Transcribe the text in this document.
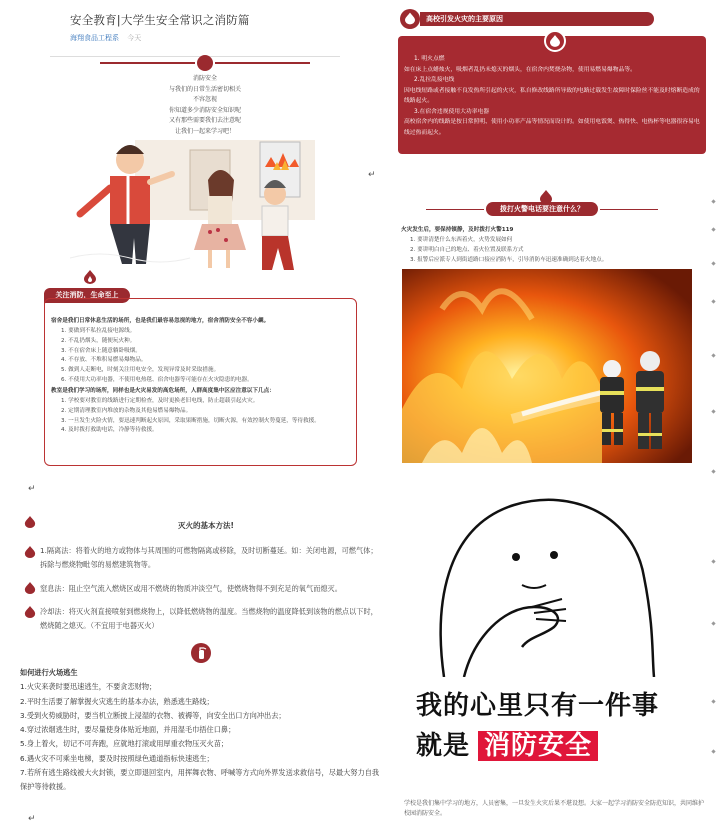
安全教育|大学生安全常识之消防篇
海翔食品工程系 今天
消防安全
与我们的日常生活密切相关
不容忽视
你知道多少消防安全知识呢
又有那些需要我们去注意呢
让我们一起来学习吧！
关注消防，生命至上
宿舍是我们日常休息生活的场所，也是我们最容易忽视的地方，宿舍消防安全不容小觑。
1. 要做到不私拉乱接电源线。
2. 不乱扔烟头，随便玩火种。
3. 不在宿舍床上随意躺卧吸烟。
4. 不存放、不堆积易燃易爆物品。
5. 做到人走断电，时刻关注用电安全，发现异常及时采取措施。
6. 不使用大功率电器，不使用电热毯、宿舍电器等可能存在火灾隐患的电器。
教室是我们学习的场所，同样也是火灾易发的高危场所，人群高度集中区应注意以下几点：
1. 学校要对教室的线路进行定期检查，及时更换老旧电线，防止超载引起火灾。
2. 定期清理教室内堆放的杂物及其他易燃易爆物品。
3. 一旦发生火险火情，要迅速判断起火原因，采取果断措施，切断火源，有效控制火势蔓延，等待救援。
4. 及时拨打救助电话，冷静等待救援。
高校引发火灾的主要原因
1. 明火点燃
如在床上点蜡烛火，吸烟者乱扔未熄灭的烟头，在宿舍内焚烧杂物，使用易燃易爆物品等。
2.乱拉乱接电线
因电线短路或者接触不良发热所引起的火灾，私自修改线路所导致的电路过载发生故障时保险丝不能及时熔断造成的线路起火。
3.在宿舍违规使用大功率电器
高校宿舍内的线路是按日常照明、使用小功率产品等情况而设计的。如使用电饭煲、热得快、电热杯等电器很容易电线过热而起火。
拨打火警电话要注意什么？
火灾发生后，要保持镇静，及时拨打火警119
1. 要讲清楚什么东西着火，火势发展如何
2. 要讲明白自己的地点、着火位置及联系方式
3. 报警后应派专人到街道路口接应消防车，引导消防车迅速准确到达着火地点。
↵
灭火的基本方法!
1.隔离法：将着火的地方或物体与其周围的可燃物隔离或移除，及时切断蔓延。如：关闭电源，可燃气体；拆除与燃烧物毗邻的易燃建筑物等。
窒息法：阻止空气流入燃烧区或用不燃烧的物质冲淡空气，使燃烧物得不到充足的氧气而熄灭。
冷却法：将灭火剂直接喷射到燃烧物上，以降低燃烧物的温度。当燃烧物的温度降低到该物的燃点以下时，燃烧随之熄灭。（不宜用于电器灭火）
如何进行火场逃生
1.火灾来袭时要迅速逃生，不要贪恋财物；
2.平时生活要了解掌握火灾逃生的基本办法，熟悉逃生路线；
3.受到火势威胁时，要当机立断披上浸湿的衣物、被褥等，向安全出口方向冲出去；
4.穿过浓烟逃生时，要尽量使身体贴近地面，并用湿毛巾捂住口鼻；
5.身上着火，切记不可奔跑，应就地打滚或用厚重衣物压灭火苗；
6.遇火灾不可乘坐电梯，要及时按照绿色通道指标快速逃生；
7.若所有逃生路线被大火封锁，要立即退回室内，用挥舞衣物、呼喊等方式向外界发送求救信号，尽最大努力自我保护等待救援。
↵
我的心里只有一件事
就是 消防安全
学校是我们集中学习的地方，人员密集，一旦发生火灾后果不堪设想。大家一起学习消防安全防范知识，共同维护校园消防安全。
↵
